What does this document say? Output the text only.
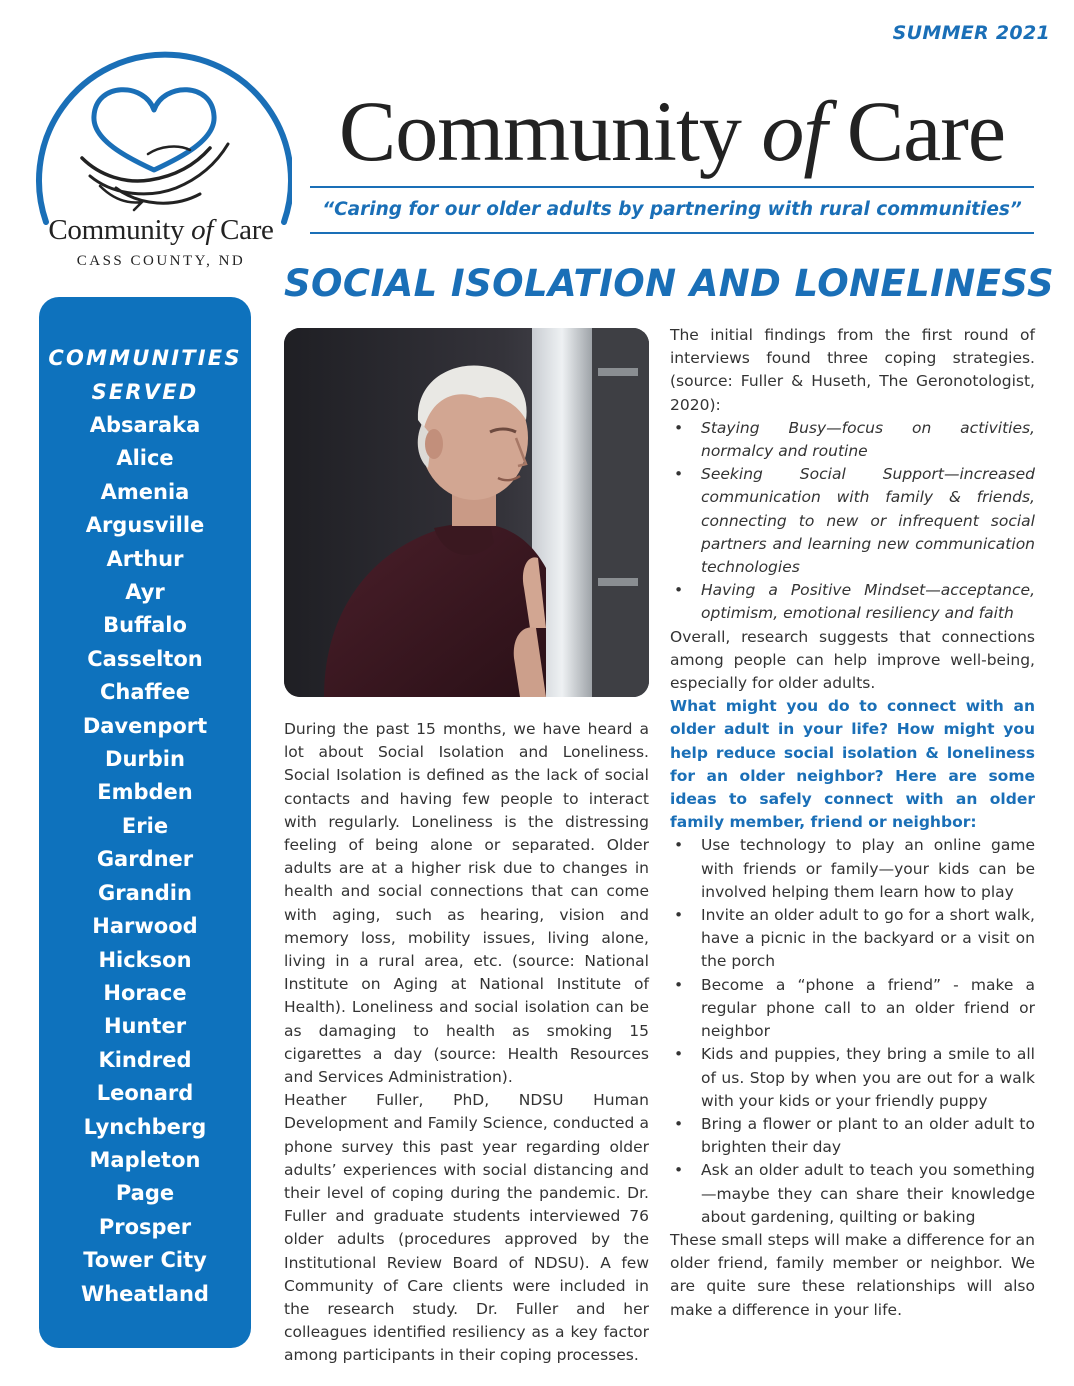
SUMMER 2021
Community of Care
CASS COUNTY, ND
Community of Care
“Caring for our older adults by partnering with rural communities”
SOCIAL ISOLATION AND LONELINESS
COMMUNITIES
SERVED
Absaraka
Alice
Amenia
Argusville
Arthur
Ayr
Buffalo
Casselton
Chaffee
Davenport
Durbin
Embden
Erie
Gardner
Grandin
Harwood
Hickson
Horace
Hunter
Kindred
Leonard
Lynchberg
Mapleton
Page
Prosper
Tower City
Wheatland

During the past 15 months, we have heard a lot about Social Isolation and Loneliness. Social Isolation is defined as the lack of social contacts and having few people to interact with regularly. Loneliness is the distressing feeling of being alone or separated. Older adults are at a higher risk due to changes in health and social connections that can come with aging, such as hearing, vision and memory loss, mobility issues, living alone, living in a rural area, etc. (source: National Institute on Aging at National Institute of Health). Loneliness and social isolation can be as damaging to health as smoking 15 cigarettes a day (source: Health Resources and Services Administration).

Heather Fuller, PhD, NDSU Human Development and Family Science, conducted a phone survey this past year regarding older adults’ experiences with social distancing and their level of coping during the pandemic. Dr. Fuller and graduate students interviewed 76 older adults (procedures approved by the Institutional Review Board of NDSU). A few Community of Care clients were included in the research study. Dr. Fuller and her colleagues identified resiliency as a key factor among participants in their coping processes.

The initial findings from the first round of interviews found three coping strategies. (source: Fuller & Huseth, The Geronotologist, 2020):

• Staying Busy—focus on activities, normalcy and routine
• Seeking Social Support—increased communication with family & friends, connecting to new or infrequent social partners and learning new communication technologies
• Having a Positive Mindset—acceptance, optimism, emotional resiliency and faith

Overall, research suggests that connections among people can help improve well-being, especially for older adults.

What might you do to connect with an older adult in your life? How might you help reduce social isolation & loneliness for an older neighbor? Here are some ideas to safely connect with an older family member, friend or neighbor:

• Use technology to play an online game with friends or family—your kids can be involved helping them learn how to play
• Invite an older adult to go for a short walk, have a picnic in the backyard or a visit on the porch
• Become a “phone a friend” - make a regular phone call to an older friend or neighbor
• Kids and puppies, they bring a smile to all of us. Stop by when you are out for a walk with your kids or your friendly puppy
• Bring a flower or plant to an older adult to brighten their day
• Ask an older adult to teach you something—maybe they can share their knowledge about gardening, quilting or baking

These small steps will make a difference for an older friend, family member or neighbor. We are quite sure these relationships will also make a difference in your life.
